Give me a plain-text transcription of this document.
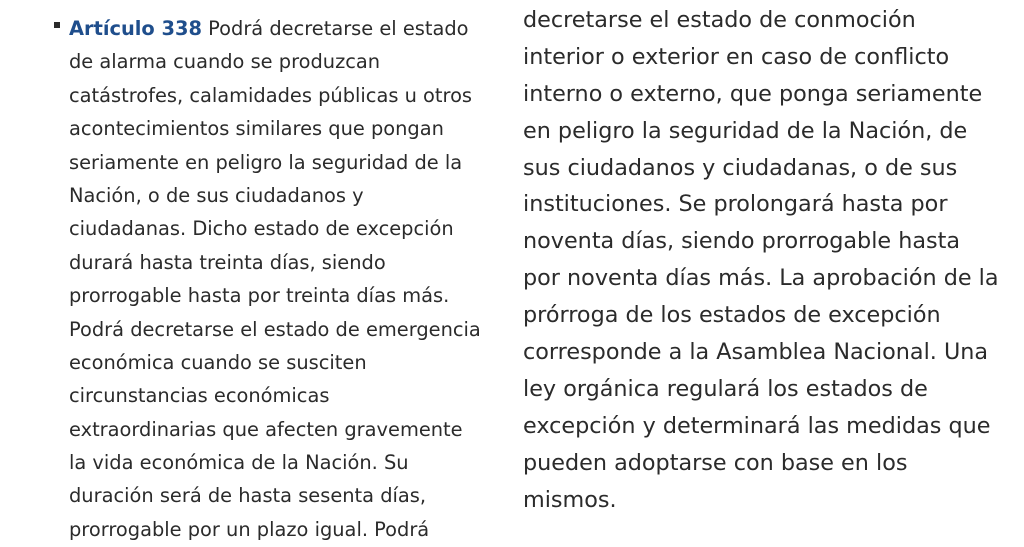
Artículo 338 Podrá decretarse el estado
de alarma cuando se produzcan
catástrofes, calamidades públicas u otros
acontecimientos similares que pongan
seriamente en peligro la seguridad de la
Nación, o de sus ciudadanos y
ciudadanas. Dicho estado de excepción
durará hasta treinta días, siendo
prorrogable hasta por treinta días más.
Podrá decretarse el estado de emergencia
económica cuando se susciten
circunstancias económicas
extraordinarias que afecten gravemente
la vida económica de la Nación. Su
duración será de hasta sesenta días,
prorrogable por un plazo igual. Podrá
decretarse el estado de conmoción
interior o exterior en caso de conflicto
interno o externo, que ponga seriamente
en peligro la seguridad de la Nación, de
sus ciudadanos y ciudadanas, o de sus
instituciones. Se prolongará hasta por
noventa días, siendo prorrogable hasta
por noventa días más. La aprobación de la
prórroga de los estados de excepción
corresponde a la Asamblea Nacional. Una
ley orgánica regulará los estados de
excepción y determinará las medidas que
pueden adoptarse con base en los
mismos.
